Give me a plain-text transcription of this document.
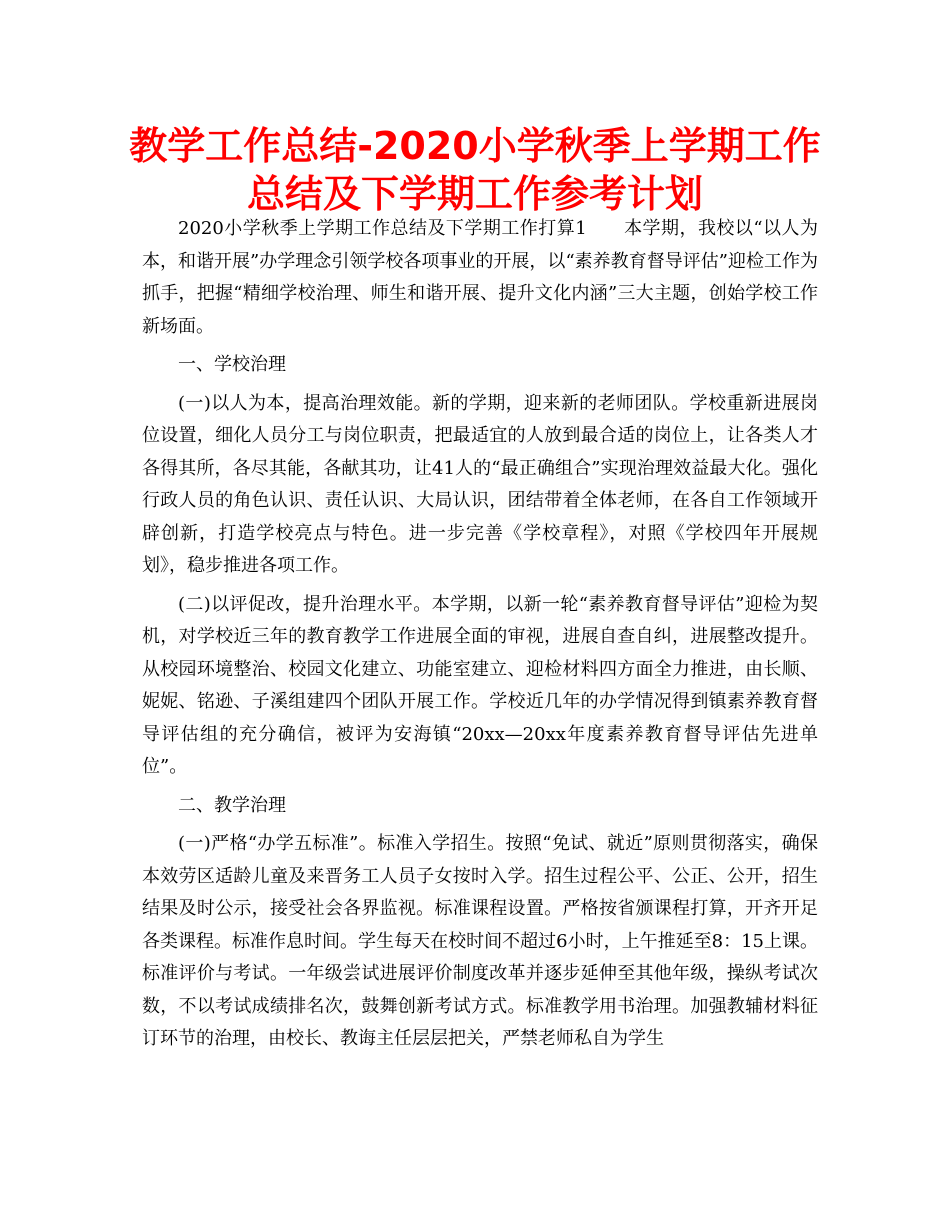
教学工作总结-2020小学秋季上学期工作
总结及下学期工作参考计划

2020小学秋季上学期工作总结及下学期工作打算1　　本学期，我校以“以人为本，和谐开展”办学理念引领学校各项事业的开展，以“素养教育督导评估”迎检工作为抓手，把握“精细学校治理、师生和谐开展、提升文化内涵”三大主题，创始学校工作新场面。

一、学校治理

(一)以人为本，提高治理效能。新的学期，迎来新的老师团队。学校重新进展岗位设置，细化人员分工与岗位职责，把最适宜的人放到最合适的岗位上，让各类人才各得其所，各尽其能，各献其功，让41人的“最正确组合”实现治理效益最大化。强化行政人员的角色认识、责任认识、大局认识，团结带着全体老师，在各自工作领域开辟创新，打造学校亮点与特色。进一步完善《学校章程》，对照《学校四年开展规划》，稳步推进各项工作。

(二)以评促改，提升治理水平。本学期，以新一轮“素养教育督导评估”迎检为契机，对学校近三年的教育教学工作进展全面的审视，进展自查自纠，进展整改提升。从校园环境整治、校园文化建立、功能室建立、迎检材料四方面全力推进，由长顺、妮妮、铭逊、子溪组建四个团队开展工作。学校近几年的办学情况得到镇素养教育督导评估组的充分确信，被评为安海镇“20xx—20xx年度素养教育督导评估先进单位”。

二、教学治理

(一)严格“办学五标准”。标准入学招生。按照“免试、就近”原则贯彻落实，确保本效劳区适龄儿童及来晋务工人员子女按时入学。招生过程公平、公正、公开，招生结果及时公示，接受社会各界监视。标准课程设置。严格按省颁课程打算，开齐开足各类课程。标准作息时间。学生每天在校时间不超过6小时，上午推延至8：15上课。标准评价与考试。一年级尝试进展评价制度改革并逐步延伸至其他年级，操纵考试次数，不以考试成绩排名次，鼓舞创新考试方式。标准教学用书治理。加强教辅材料征订环节的治理，由校长、教诲主任层层把关，严禁老师私自为学生
